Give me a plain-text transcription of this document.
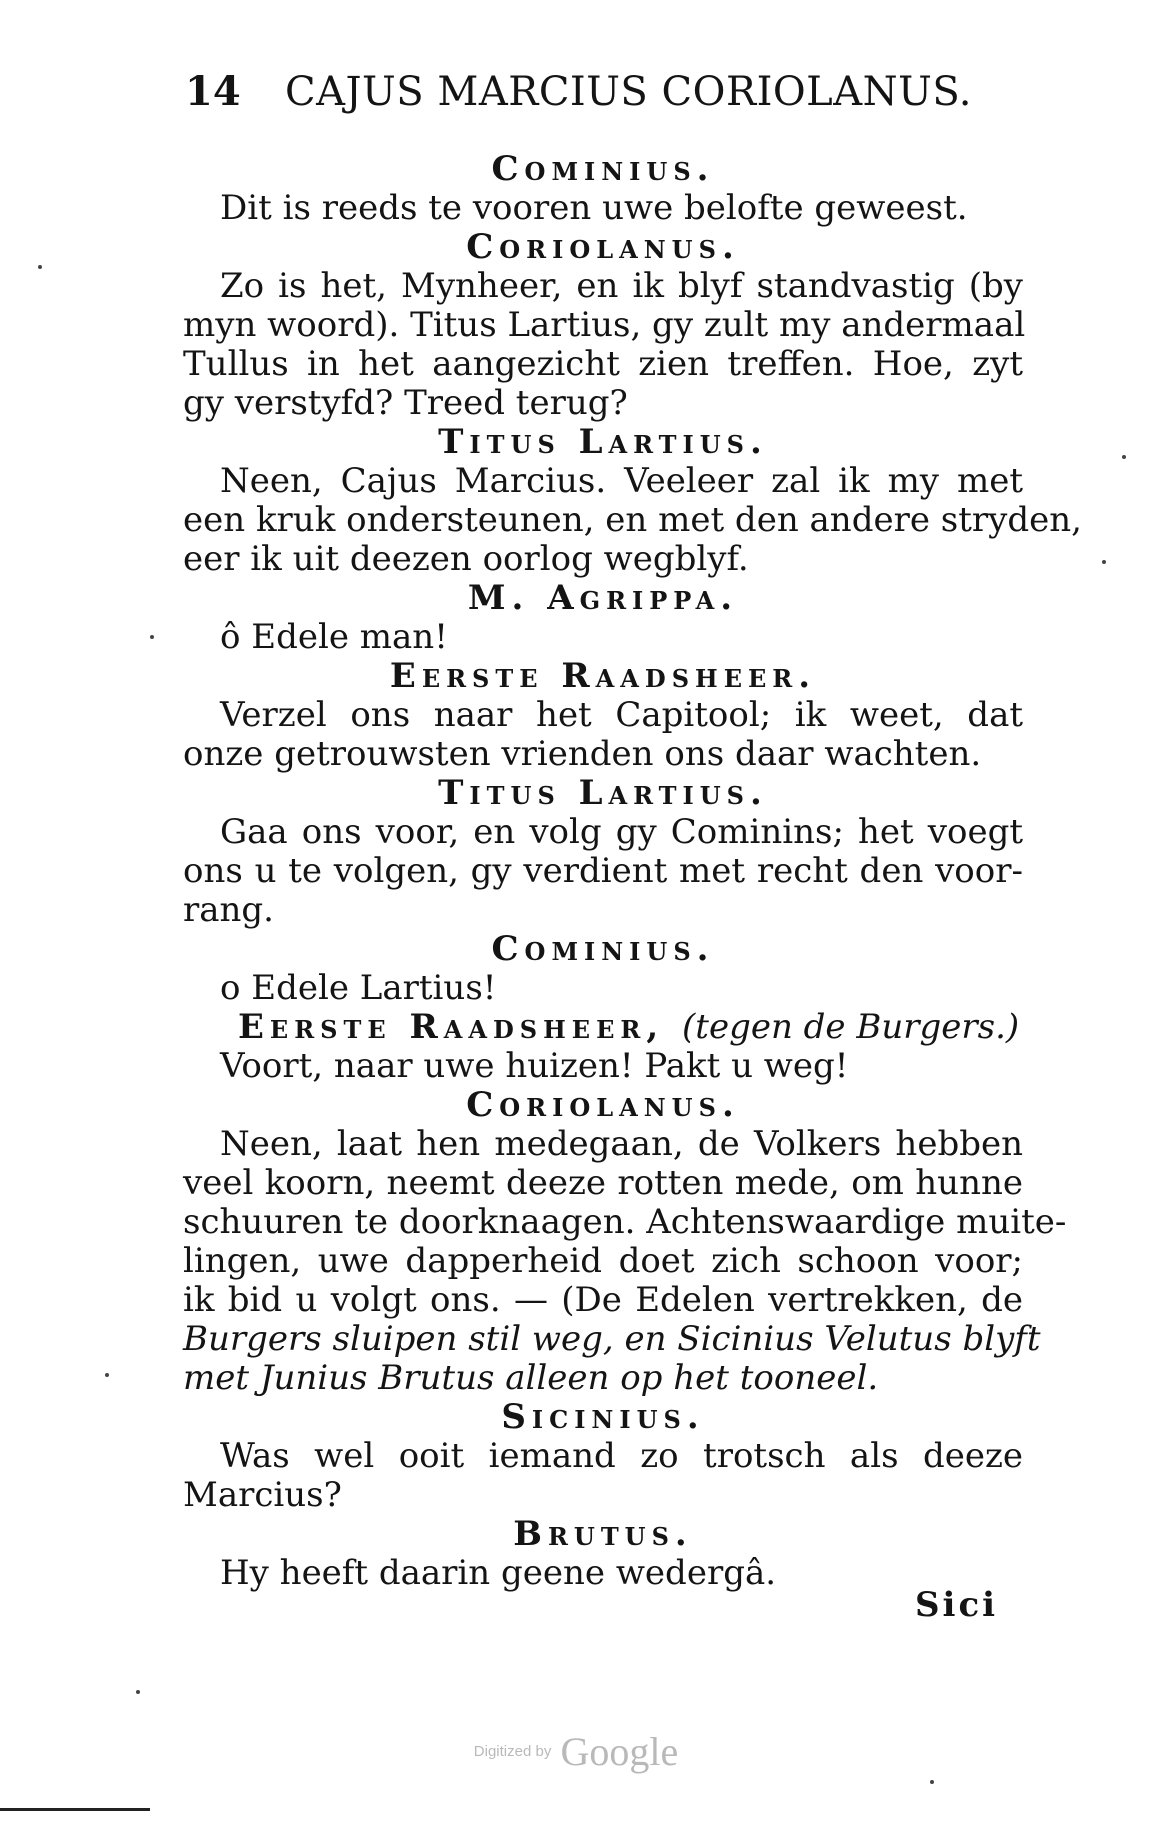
14 CAJUS MARCIUS CORIOLANUS.
Cominius.
Dit is reeds te vooren uwe belofte geweest.
Coriolanus.
Zo is het, Mynheer, en ik blyf standvastig (by
myn woord). Titus Lartius, gy zult my andermaal
Tullus in het aangezicht zien treffen. Hoe, zyt
gy verstyfd? Treed terug?
Titus Lartius.
Neen, Cajus Marcius. Veeleer zal ik my met
een kruk ondersteunen, en met den andere stryden,
eer ik uit deezen oorlog wegblyf.
M. Agrippa.
ô Edele man!
Eerste Raadsheer.
Verzel ons naar het Capitool; ik weet, dat
onze getrouwsten vrienden ons daar wachten.
Titus Lartius.
Gaa ons voor, en volg gy Cominins; het voegt
ons u te volgen, gy verdient met recht den voor-
rang.
Cominius.
o Edele Lartius!
Eerste Raadsheer, (tegen de Burgers.)
Voort, naar uwe huizen! Pakt u weg!
Coriolanus.
Neen, laat hen medegaan, de Volkers hebben
veel koorn, neemt deeze rotten mede, om hunne
schuuren te doorknaagen. Achtenswaardige muite-
lingen, uwe dapperheid doet zich schoon voor;
ik bid u volgt ons. — (De Edelen vertrekken, de
Burgers sluipen stil weg, en Sicinius Velutus blyft
met Junius Brutus alleen op het tooneel.
Sicinius.
Was wel ooit iemand zo trotsch als deeze
Marcius?
Brutus.
Hy heeft daarin geene wedergâ.
Sici
Digitized by Google
